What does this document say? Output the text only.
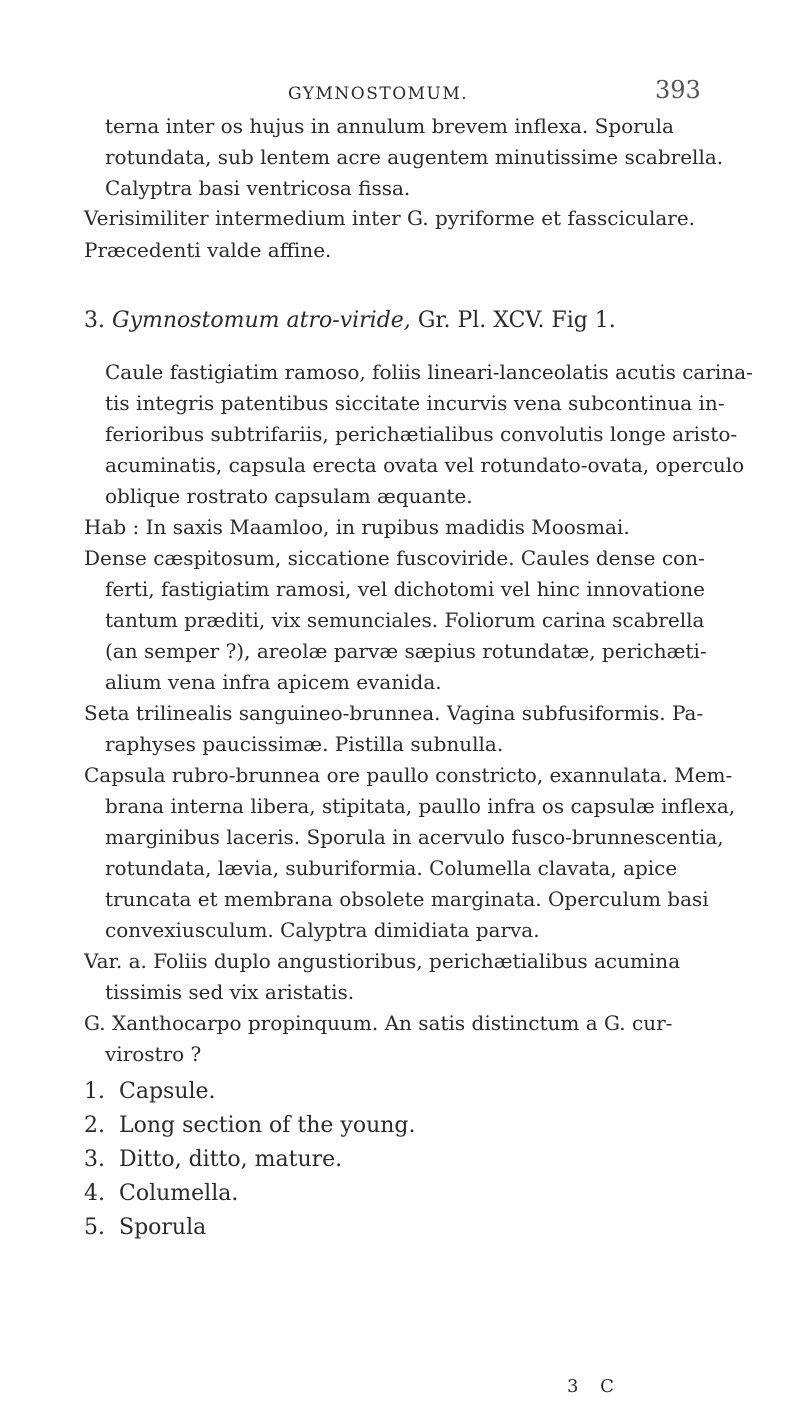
GYMNOSTOMUM.	393
terna inter os hujus in annulum brevem inflexa. Sporula
rotundata, sub lentem acre augentem minutissime scabrella.
Calyptra basi ventricosa fissa.
Verisimiliter intermedium inter G. pyriforme et fassciculare.
Præcedenti valde affine.
3. Gymnostomum atro-viride, Gr. Pl. XCV. Fig 1.
Caule fastigiatim ramoso, foliis lineari-lanceolatis acutis carina-
tis integris patentibus siccitate incurvis vena subcontinua in-
ferioribus subtrifariis, perichætialibus convolutis longe aristo-
acuminatis, capsula erecta ovata vel rotundato-ovata, operculo
oblique rostrato capsulam æquante.
Hab : In saxis Maamloo, in rupibus madidis Moosmai.
Dense cæspitosum, siccatione fuscoviride. Caules dense con-
ferti, fastigiatim ramosi, vel dichotomi vel hinc innovatione
tantum præditi, vix semunciales. Foliorum carina scabrella
(an semper ?), areolæ parvæ sæpius rotundatæ, perichæti-
alium vena infra apicem evanida.
Seta trilinealis sanguineo-brunnea. Vagina subfusiformis. Pa-
raphyses paucissimæ. Pistilla subnulla.
Capsula rubro-brunnea ore paullo constricto, exannulata. Mem-
brana interna libera, stipitata, paullo infra os capsulæ inflexa,
marginibus laceris. Sporula in acervulo fusco-brunnescentia,
rotundata, lævia, suburiformia. Columella clavata, apice
truncata et membrana obsolete marginata. Operculum basi
convexiusculum. Calyptra dimidiata parva.
Var. a. Foliis duplo angustioribus, perichætialibus acumina
tissimis sed vix aristatis.
G. Xanthocarpo propinquum. An satis distinctum a G. cur-
virostro ?
1. Capsule.
2. Long section of the young.
3. Ditto, ditto, mature.
4. Columella.
5. Sporula
3 C
